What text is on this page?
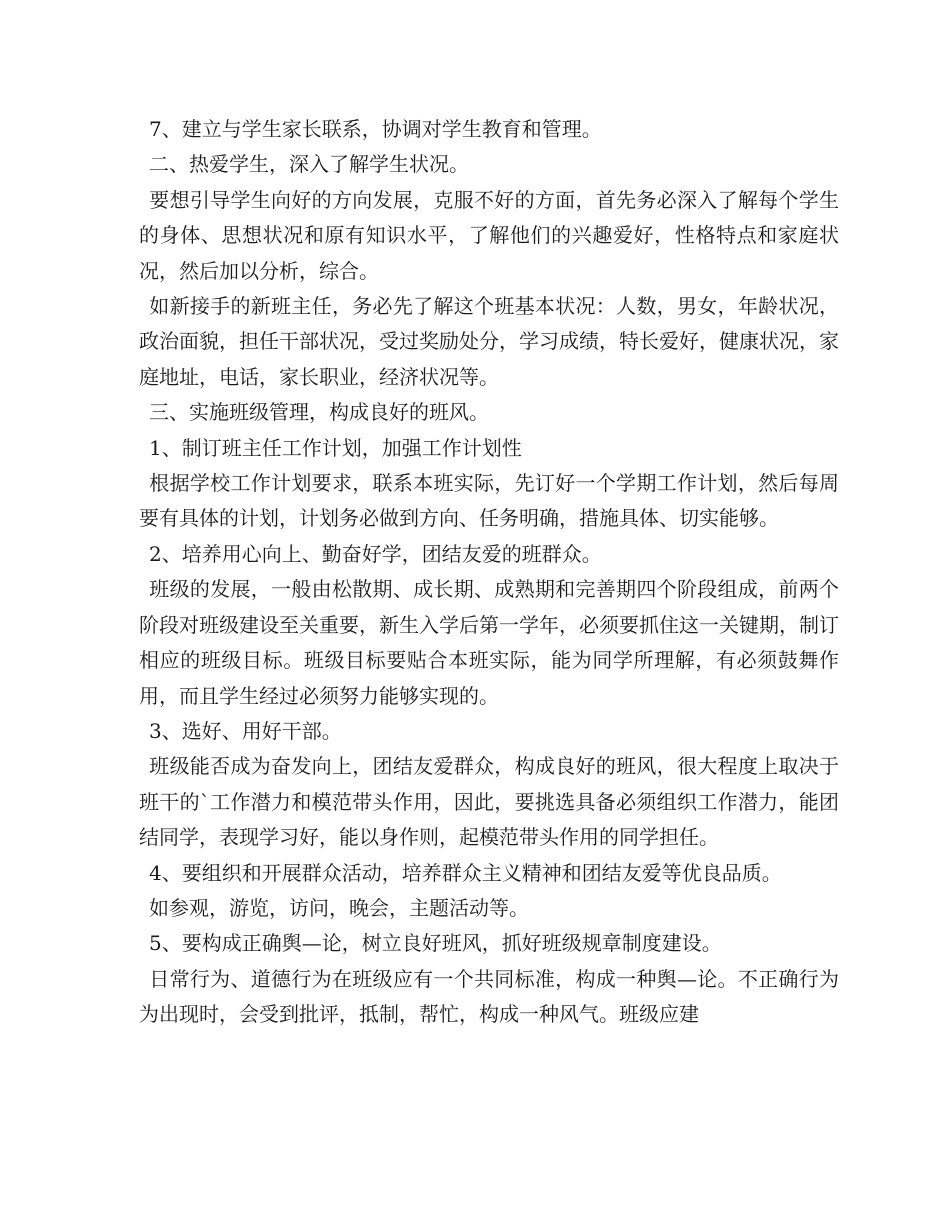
7、建立与学生家长联系，协调对学生教育和管理。

二、热爱学生，深入了解学生状况。

要想引导学生向好的方向发展，克服不好的方面，首先务必深入了解每个学生的身体、思想状况和原有知识水平，了解他们的兴趣爱好，性格特点和家庭状况，然后加以分析，综合。

如新接手的新班主任，务必先了解这个班基本状况：人数，男女，年龄状况，政治面貌，担任干部状况，受过奖励处分，学习成绩，特长爱好，健康状况，家庭地址，电话，家长职业，经济状况等。

三、实施班级管理，构成良好的班风。

1、制订班主任工作计划，加强工作计划性

根据学校工作计划要求，联系本班实际，先订好一个学期工作计划，然后每周要有具体的计划，计划务必做到方向、任务明确，措施具体、切实能够。

2、培养用心向上、勤奋好学，团结友爱的班群众。

班级的发展，一般由松散期、成长期、成熟期和完善期四个阶段组成，前两个阶段对班级建设至关重要，新生入学后第一学年，必须要抓住这一关键期，制订相应的班级目标。班级目标要贴合本班实际，能为同学所理解，有必须鼓舞作用，而且学生经过必须努力能够实现的。

3、选好、用好干部。

班级能否成为奋发向上，团结友爱群众，构成良好的班风，很大程度上取决于班干的`工作潜力和模范带头作用，因此，要挑选具备必须组织工作潜力，能团结同学，表现学习好，能以身作则，起模范带头作用的同学担任。

4、要组织和开展群众活动，培养群众主义精神和团结友爱等优良品质。

如参观，游览，访问，晚会，主题活动等。

5、要构成正确舆—论，树立良好班风，抓好班级规章制度建设。

日常行为、道德行为在班级应有一个共同标准，构成一种舆—论。不正确行为为出现时，会受到批评，抵制，帮忙，构成一种风气。班级应建
